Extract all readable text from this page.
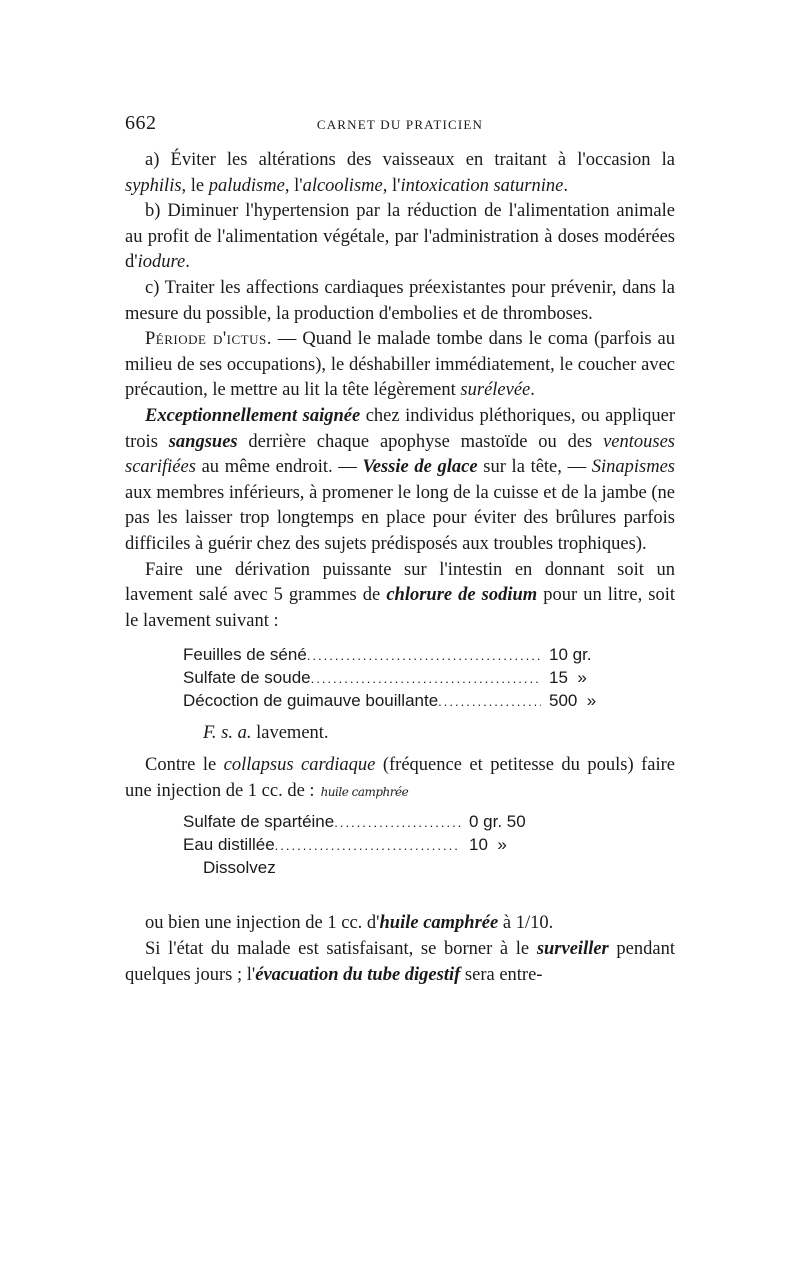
662	CARNET DU PRATICIEN

a) Éviter les altérations des vaisseaux en traitant à l'occasion la syphilis, le paludisme, l'alcoolisme, l'intoxication saturnine.

b) Diminuer l'hypertension par la réduction de l'alimentation animale au profit de l'alimentation végétale, par l'administration à doses modérées d'iodure.

c) Traiter les affections cardiaques préexistantes pour prévenir, dans la mesure du possible, la production d'embolies et de thromboses.

Période d'ictus. — Quand le malade tombe dans le coma (parfois au milieu de ses occupations), le déshabiller immédiatement, le coucher avec précaution, le mettre au lit la tête légèrement surélevée.

Exceptionnellement saignée chez individus pléthoriques, ou appliquer trois sangsues derrière chaque apophyse mastoïde ou des ventouses scarifiées au même endroit. — Vessie de glace sur la tête, — Sinapismes aux membres inférieurs, à promener le long de la cuisse et de la jambe (ne pas les laisser trop longtemps en place pour éviter des brûlures parfois difficiles à guérir chez des sujets prédisposés aux troubles trophiques).

Faire une dérivation puissante sur l'intestin en donnant soit un lavement salé avec 5 grammes de chlorure de sodium pour un litre, soit le lavement suivant :

Feuilles de séné .....	10 gr.
Sulfate de soude .....	15  »
Décoction de guimauve bouillante .....	500  »
F. s. a. lavement.

Contre le collapsus cardiaque (fréquence et petitesse du pouls) faire une injection de 1 cc. de : huile camphrée

Sulfate de spartéine .....	0 gr. 50
Eau distillée .....	10  »
Dissolvez

ou bien une injection de 1 cc. d'huile camphrée à 1/10.

Si l'état du malade est satisfaisant, se borner à le surveiller pendant quelques jours ; l'évacuation du tube digestif sera entre-
